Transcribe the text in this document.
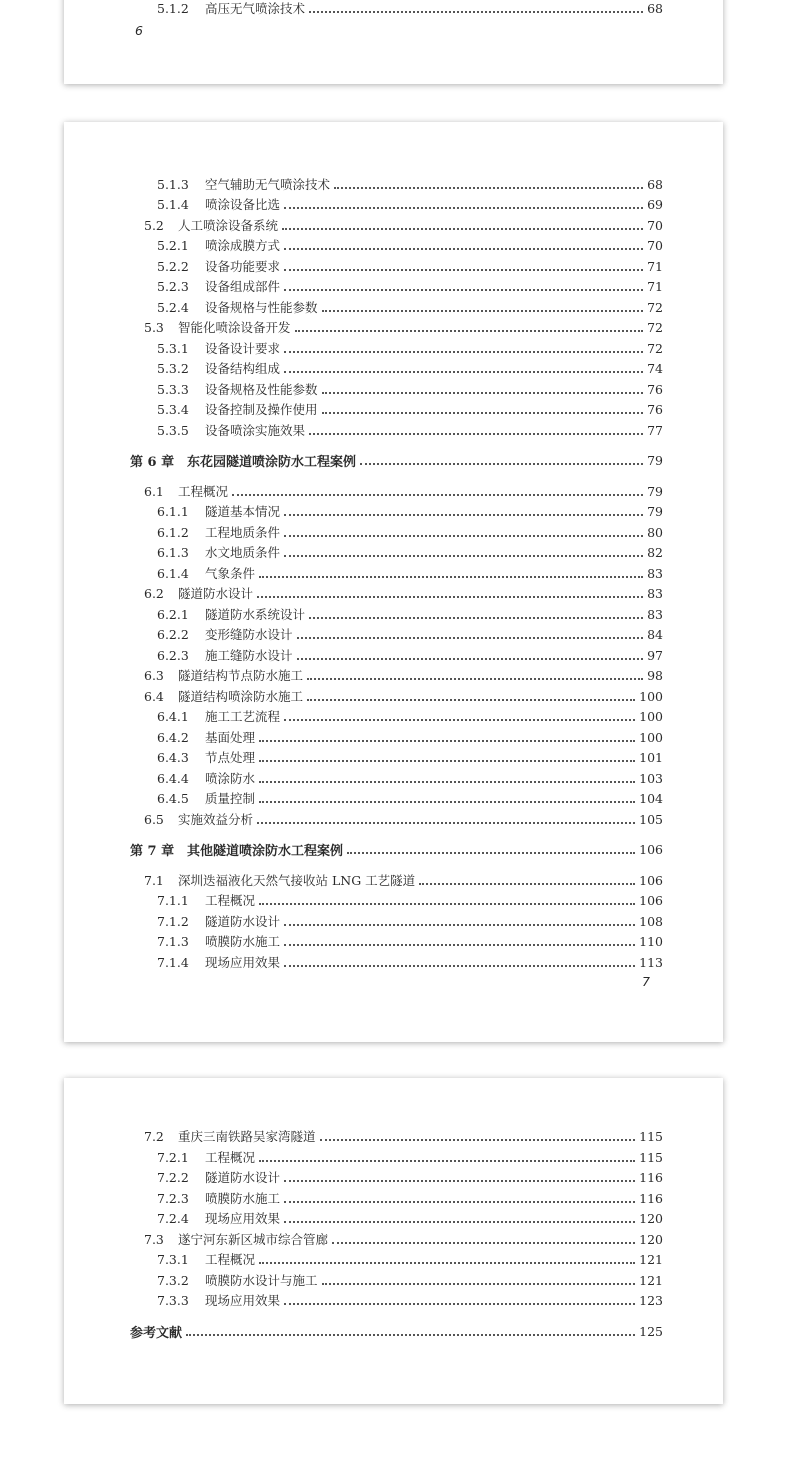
5.1.2	高压无气喷涂技术	68
6
5.1.3	空气辅助无气喷涂技术	68
5.1.4	喷涂设备比选	69
5.2	人工喷涂设备系统	70
5.2.1	喷涂成膜方式	70
5.2.2	设备功能要求	71
5.2.3	设备组成部件	71
5.2.4	设备规格与性能参数	72
5.3	智能化喷涂设备开发	72
5.3.1	设备设计要求	72
5.3.2	设备结构组成	74
5.3.3	设备规格及性能参数	76
5.3.4	设备控制及操作使用	76
5.3.5	设备喷涂实施效果	77
第 6 章 东花园隧道喷涂防水工程案例	79
6.1	工程概况	79
6.1.1	隧道基本情况	79
6.1.2	工程地质条件	80
6.1.3	水文地质条件	82
6.1.4	气象条件	83
6.2	隧道防水设计	83
6.2.1	隧道防水系统设计	83
6.2.2	变形缝防水设计	84
6.2.3	施工缝防水设计	97
6.3	隧道结构节点防水施工	98
6.4	隧道结构喷涂防水施工	100
6.4.1	施工工艺流程	100
6.4.2	基面处理	100
6.4.3	节点处理	101
6.4.4	喷涂防水	103
6.4.5	质量控制	104
6.5	实施效益分析	105
第 7 章 其他隧道喷涂防水工程案例	106
7.1	深圳迭福液化天然气接收站 LNG 工艺隧道	106
7.1.1	工程概况	106
7.1.2	隧道防水设计	108
7.1.3	喷膜防水施工	110
7.1.4	现场应用效果	113
7
7.2	重庆三南铁路吴家湾隧道	115
7.2.1	工程概况	115
7.2.2	隧道防水设计	116
7.2.3	喷膜防水施工	116
7.2.4	现场应用效果	120
7.3	遂宁河东新区城市综合管廊	120
7.3.1	工程概况	121
7.3.2	喷膜防水设计与施工	121
7.3.3	现场应用效果	123
参考文献	125
